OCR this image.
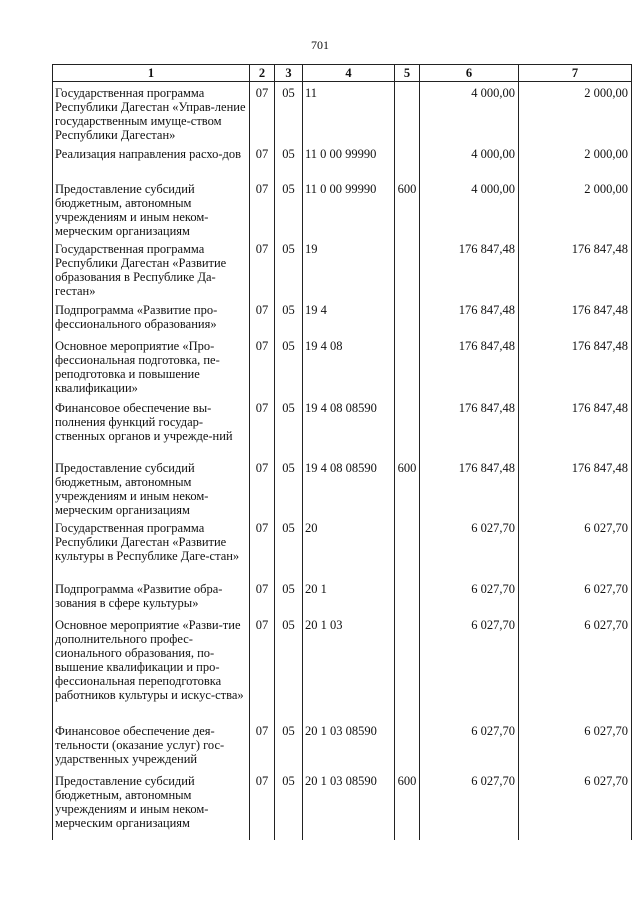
701
1	2	3	4	5	6	7
Государственная программа Республики Дагестан «Управ-ление государственным имуще-ством Республики Дагестан»	07	05	11		4 000,00	2 000,00
Реализация направления расхо-дов	07	05	11 0 00 99990		4 000,00	2 000,00
Предоставление субсидий бюджетным, автономным учреждениям и иным неком-мерческим организациям	07	05	11 0 00 99990	600	4 000,00	2 000,00
Государственная программа Республики Дагестан «Развитие образования в Республике Да-гестан»	07	05	19		176 847,48	176 847,48
Подпрограмма «Развитие про-фессионального образования»	07	05	19 4		176 847,48	176 847,48
Основное мероприятие «Про-фессиональная подготовка, пе-реподготовка и повышение квалификации»	07	05	19 4 08		176 847,48	176 847,48
Финансовое обеспечение вы-полнения функций государ-ственных органов и учрежде-ний	07	05	19 4 08 08590		176 847,48	176 847,48
Предоставление субсидий бюджетным, автономным учреждениям и иным неком-мерческим организациям	07	05	19 4 08 08590	600	176 847,48	176 847,48
Государственная программа Республики Дагестан «Развитие культуры в Республике Даге-стан»	07	05	20		6 027,70	6 027,70
Подпрограмма «Развитие обра-зования в сфере культуры»	07	05	20 1		6 027,70	6 027,70
Основное мероприятие «Разви-тие дополнительного профес-сионального образования, по-вышение квалификации и про-фессиональная переподготовка работников культуры и искус-ства»	07	05	20 1 03		6 027,70	6 027,70
Финансовое обеспечение дея-тельности (оказание услуг) гос-ударственных учреждений	07	05	20 1 03 08590		6 027,70	6 027,70
Предоставление субсидий бюджетным, автономным учреждениям и иным неком-мерческим организациям	07	05	20 1 03 08590	600	6 027,70	6 027,70
